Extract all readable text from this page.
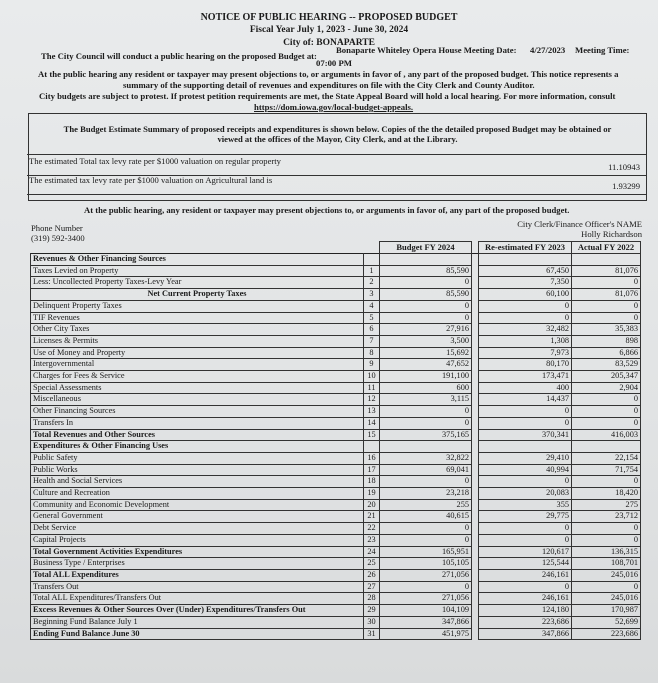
NOTICE OF PUBLIC HEARING -- PROPOSED BUDGET
Fiscal Year July 1, 2023 - June 30, 2024
City of: BONAPARTE
The City Council will conduct a public hearing on the proposed Budget at:
Bonaparte Whiteley Opera House Meeting Date: 4/27/2023 Meeting Time:
07:00 PM
At the public hearing any resident or taxpayer may present objections to, or arguments in favor of , any part of the proposed budget. This notice represents a
summary of the supporting detail of revenues and expenditures on file with the City Clerk and County Auditor.
City budgets are subject to protest. If protest petition requirements are met, the State Appeal Board will hold a local hearing. For more information, consult
https://dom.iowa.gov/local-budget-appeals.
The Budget Estimate Summary of proposed receipts and expenditures is shown below. Copies of the the detailed proposed Budget may be obtained or
viewed at the offices of the Mayor, City Clerk, and at the Library.
The estimated Total tax levy rate per $1000 valuation on regular property
11.10943
The estimated tax levy rate per $1000 valuation on Agricultural land is
1.93299
At the public hearing, any resident or taxpayer may present objections to, or arguments in favor of, any part of the proposed budget.
Phone Number
(319) 592-3400
City Clerk/Finance Officer's NAME
Holly Richardson
		Budget FY 2024		Re-estimated FY 2023	Actual FY 2022
Revenues & Other Financing Sources					
Taxes Levied on Property	1	85,590		67,450	81,076
Less: Uncollected Property Taxes-Levy Year	2	0		7,350	0
Net Current Property Taxes	3	85,590		60,100	81,076
Delinquent Property Taxes	4	0		0	0
TIF Revenues	5	0		0	0
Other City Taxes	6	27,916		32,482	35,383
Licenses & Permits	7	3,500		1,308	898
Use of Money and Property	8	15,692		7,973	6,866
Intergovernmental	9	47,652		80,170	83,529
Charges for Fees & Service	10	191,100		173,471	205,347
Special Assessments	11	600		400	2,904
Miscellaneous	12	3,115		14,437	0
Other Financing Sources	13	0		0	0
Transfers In	14	0		0	0
Total Revenues and Other Sources	15	375,165		370,341	416,003
Expenditures & Other Financing Uses					
Public Safety	16	32,822		29,410	22,154
Public Works	17	69,041		40,994	71,754
Health and Social Services	18	0		0	0
Culture and Recreation	19	23,218		20,083	18,420
Community and Economic Development	20	255		355	275
General Government	21	40,615		29,775	23,712
Debt Service	22	0		0	0
Capital Projects	23	0		0	0
Total Government Activities Expenditures	24	165,951		120,617	136,315
Business Type / Enterprises	25	105,105		125,544	108,701
Total ALL Expenditures	26	271,056		246,161	245,016
Transfers Out	27	0		0	0
Total ALL Expenditures/Transfers Out	28	271,056		246,161	245,016
Excess Revenues & Other Sources Over (Under) Expenditures/Transfers Out	29	104,109		124,180	170,987
Beginning Fund Balance July 1	30	347,866		223,686	52,699
Ending Fund Balance June 30	31	451,975		347,866	223,686
